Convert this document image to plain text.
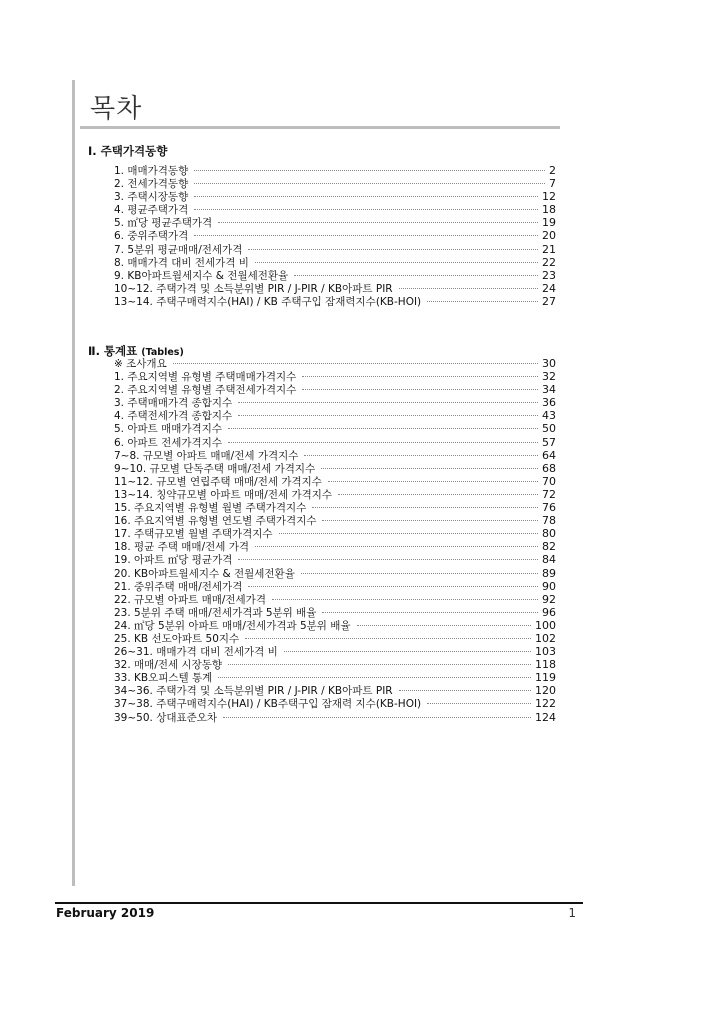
목차
Ⅰ. 주택가격동향
1. 매매가격동향	2
2. 전세가격동향	7
3. 주택시장동향	12
4. 평균주택가격	18
5. ㎡당 평균주택가격	19
6. 중위주택가격	20
7. 5분위 평균매매/전세가격	21
8. 매매가격 대비 전세가격 비	22
9. KB아파트월세지수 & 전월세전환율	23
10~12. 주택가격 및 소득분위별 PIR / J-PIR / KB아파트 PIR	24
13~14. 주택구매력지수(HAI) / KB 주택구입 잠재력지수(KB-HOI)	27
Ⅱ. 통계표 (Tables)
※ 조사개요	30
1. 주요지역별 유형별 주택매매가격지수	32
2. 주요지역별 유형별 주택전세가격지수	34
3. 주택매매가격 종합지수	36
4. 주택전세가격 종합지수	43
5. 아파트 매매가격지수	50
6. 아파트 전세가격지수	57
7~8. 규모별 아파트 매매/전세 가격지수	64
9~10. 규모별 단독주택 매매/전세 가격지수	68
11~12. 규모별 연립주택 매매/전세 가격지수	70
13~14. 칭약규모별 아파트 매매/전세 가격지수	72
15. 주요지역별 유형별 월별 주택가격지수	76
16. 주요지역별 유형별 연도별 주택가격지수	78
17. 주택규모별 월별 주택가격지수	80
18. 평균 주택 매매/전세 가격	82
19. 아파트 ㎡당 평균가격	84
20. KB아파트월세지수 & 전월세전환율	89
21. 중위주택 매매/전세가격	90
22. 규모별 아파트 매매/전세가격	92
23. 5분위 주택 매매/전세가격과 5분위 배율	96
24. ㎡당 5분위 아파트 매매/전세가격과 5분위 배율	100
25. KB 선도아파트 50지수	102
26~31. 매매가격 대비 전세가격 비	103
32. 매매/전세 시장동향	118
33. KB오피스텔 통계	119
34~36. 주택가격 및 소득분위별 PIR / J-PIR / KB아파트 PIR	120
37~38. 주택구매력지수(HAI) / KB주택구입 잠재력 지수(KB-HOI)	122
39~50. 상대표준오차	124
February 2019	1
